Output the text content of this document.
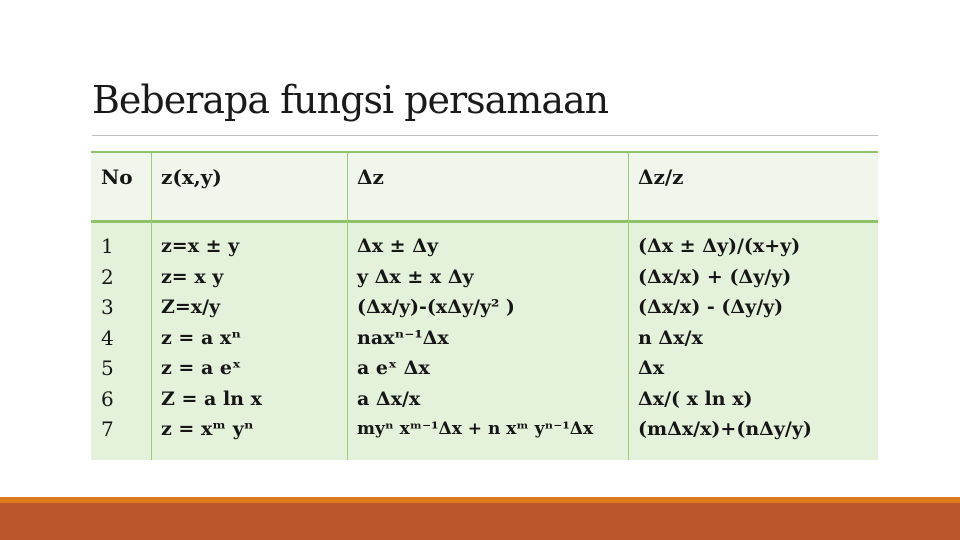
Beberapa fungsi persamaan
No z(x,y)	Δz	Δz/z
1
2
3
4
5
6
7
z=x ± y
z= x y
Z=x/y
z = a xⁿ
z = a eˣ
Z = a ln x
z = xᵐ yⁿ
Δx ± Δy
y Δx ± x Δy
(Δx/y)-(xΔy/y² )
naxⁿ⁻¹Δx
a eˣ Δx
a Δx/x
myⁿ xᵐ⁻¹Δx + n xᵐ yⁿ⁻¹Δx
(Δx ± Δy)/(x+y)
(Δx/x) + (Δy/y)
(Δx/x) - (Δy/y)
n Δx/x
Δx
Δx/( x ln x)
(mΔx/x)+(nΔy/y)
